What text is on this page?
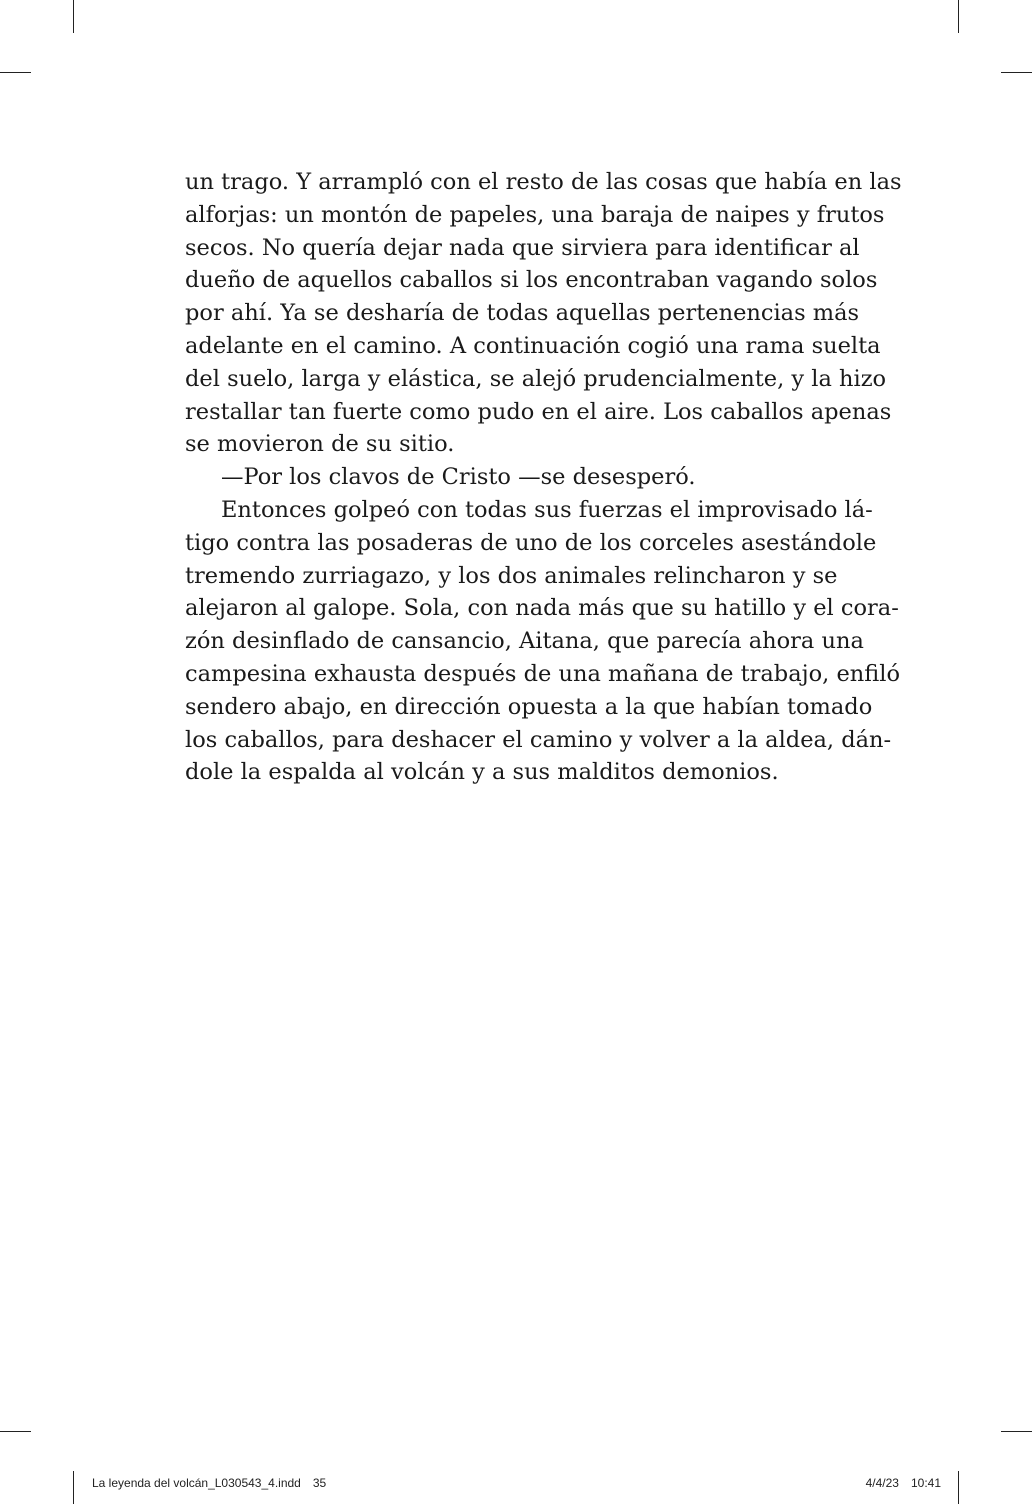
un trago. Y arrampló con el resto de las cosas que había en las
alforjas: un montón de papeles, una baraja de naipes y frutos
secos. No quería dejar nada que sirviera para identificar al
dueño de aquellos caballos si los encontraban vagando solos
por ahí. Ya se desharía de todas aquellas pertenencias más
adelante en el camino. A continuación cogió una rama suelta
del suelo, larga y elástica, se alejó prudencialmente, y la hizo
restallar tan fuerte como pudo en el aire. Los caballos apenas
se movieron de su sitio.
—Por los clavos de Cristo —se desesperó.
Entonces golpeó con todas sus fuerzas el improvisado lá-
tigo contra las posaderas de uno de los corceles asestándole
tremendo zurriagazo, y los dos animales relincharon y se
alejaron al galope. Sola, con nada más que su hatillo y el cora-
zón desinflado de cansancio, Aitana, que parecía ahora una
campesina exhausta después de una mañana de trabajo, enfiló
sendero abajo, en dirección opuesta a la que habían tomado
los caballos, para deshacer el camino y volver a la aldea, dán-
dole la espalda al volcán y a sus malditos demonios.
La leyenda del volcán_L030543_4.indd 35	4/4/23 10:41
